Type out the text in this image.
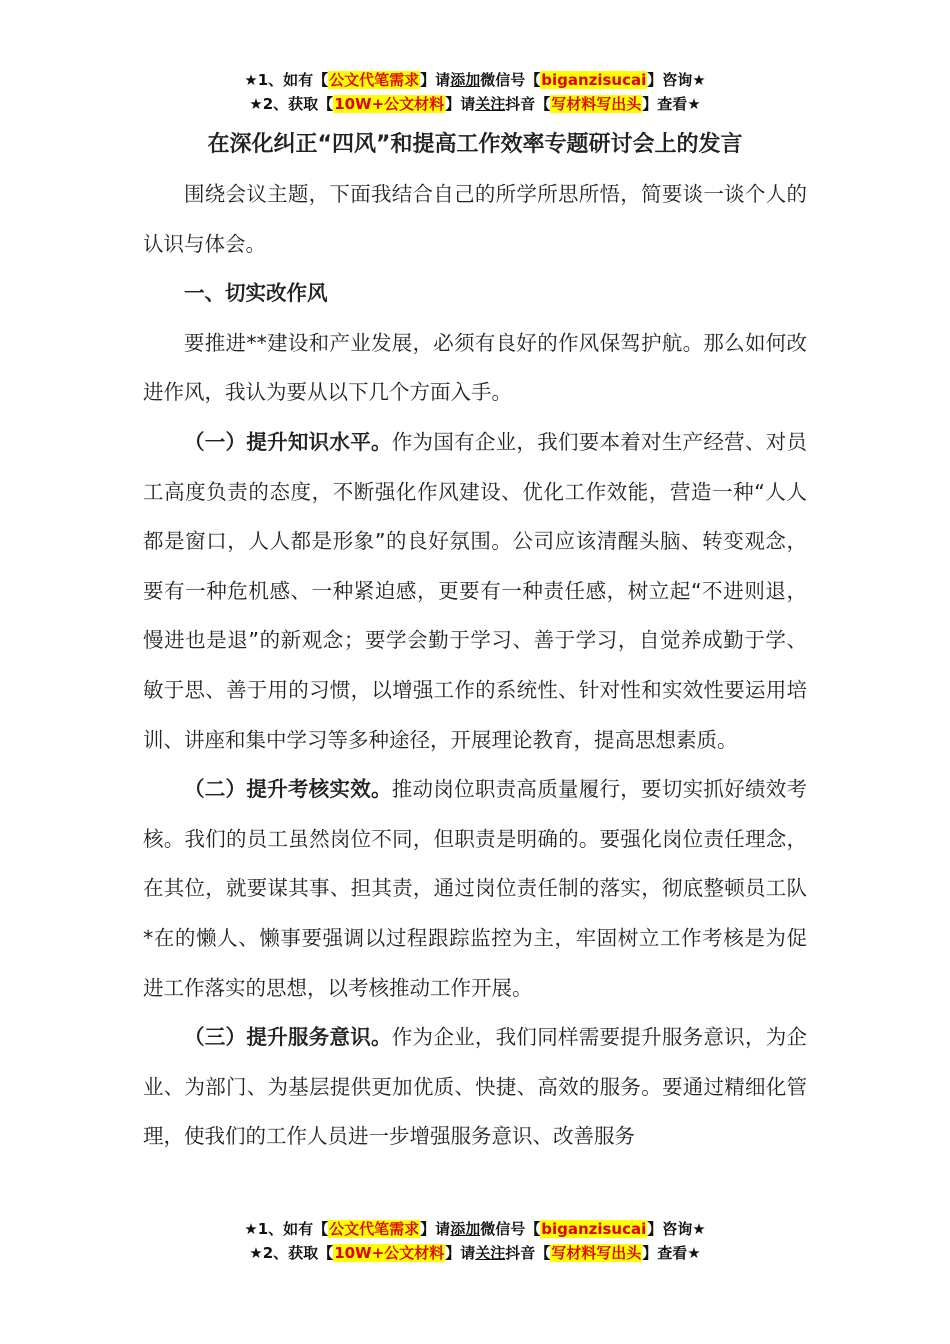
★1、如有【公文代笔需求】请添加微信号【biganzisucai】咨询★
★2、获取【10W+公文材料】请关注抖音【写材料写出头】查看★
在深化纠正“四风”和提高工作效率专题研讨会上的发言

围绕会议主题，下面我结合自己的所学所思所悟，简要谈一谈个人的认识与体会。

一、切实改作风

要推进**建设和产业发展，必须有良好的作风保驾护航。那么如何改进作风，我认为要从以下几个方面入手。

（一）提升知识水平。作为国有企业，我们要本着对生产经营、对员工高度负责的态度，不断强化作风建设、优化工作效能，营造一种“人人都是窗口，人人都是形象”的良好氛围。公司应该清醒头脑、转变观念，要有一种危机感、一种紧迫感，更要有一种责任感，树立起“不进则退，慢进也是退”的新观念；要学会勤于学习、善于学习，自觉养成勤于学、敏于思、善于用的习惯，以增强工作的系统性、针对性和实效性要运用培训、讲座和集中学习等多种途径，开展理论教育，提高思想素质。

（二）提升考核实效。推动岗位职责高质量履行，要切实抓好绩效考核。我们的员工虽然岗位不同，但职责是明确的。要强化岗位责任理念，在其位，就要谋其事、担其责，通过岗位责任制的落实，彻底整顿员工队*在的懒人、懒事要强调以过程跟踪监控为主，牢固树立工作考核是为促进工作落实的思想，以考核推动工作开展。

（三）提升服务意识。作为企业，我们同样需要提升服务意识，为企业、为部门、为基层提供更加优质、快捷、高效的服务。要通过精细化管理，使我们的工作人员进一步增强服务意识、改善服务

★1、如有【公文代笔需求】请添加微信号【biganzisucai】咨询★
★2、获取【10W+公文材料】请关注抖音【写材料写出头】查看★
